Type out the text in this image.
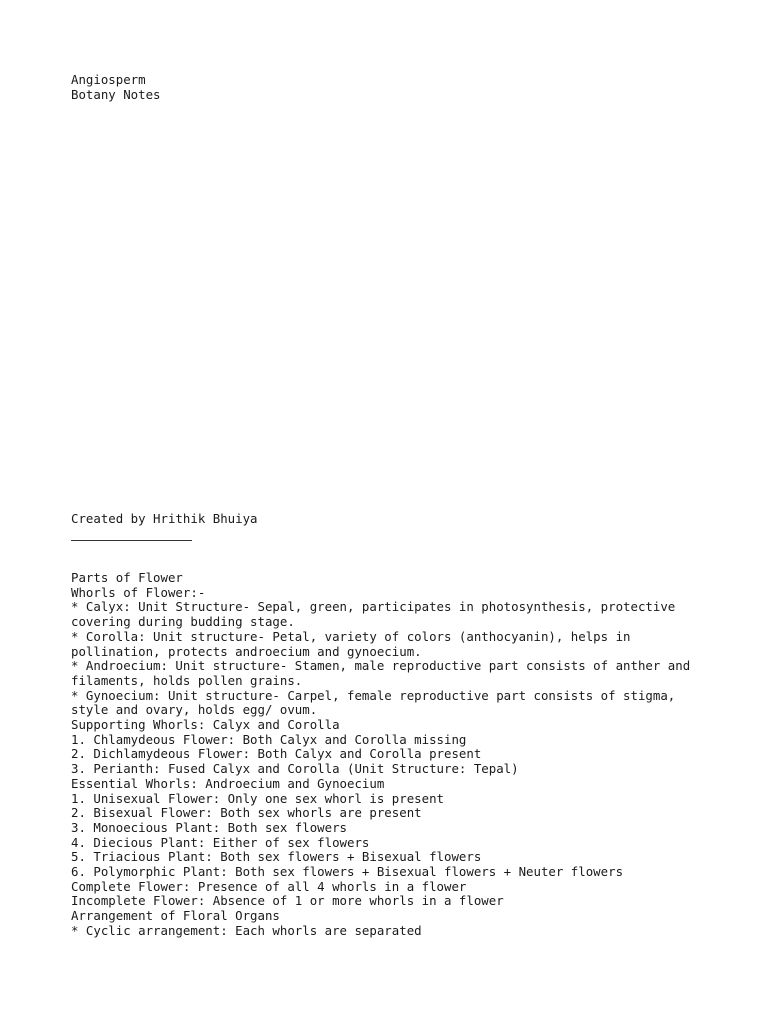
Angiosperm
Botany Notes
Created by Hrithik Bhuiya
Parts of Flower
Whorls of Flower:-
* Calyx: Unit Structure- Sepal, green, participates in photosynthesis, protective
covering during budding stage.
* Corolla: Unit structure- Petal, variety of colors (anthocyanin), helps in
pollination, protects androecium and gynoecium.
* Androecium: Unit structure- Stamen, male reproductive part consists of anther and
filaments, holds pollen grains.
* Gynoecium: Unit structure- Carpel, female reproductive part consists of stigma,
style and ovary, holds egg/ ovum.
Supporting Whorls: Calyx and Corolla
1. Chlamydeous Flower: Both Calyx and Corolla missing
2. Dichlamydeous Flower: Both Calyx and Corolla present
3. Perianth: Fused Calyx and Corolla (Unit Structure: Tepal)
Essential Whorls: Androecium and Gynoecium
1. Unisexual Flower: Only one sex whorl is present
2. Bisexual Flower: Both sex whorls are present
3. Monoecious Plant: Both sex flowers
4. Diecious Plant: Either of sex flowers
5. Triacious Plant: Both sex flowers + Bisexual flowers
6. Polymorphic Plant: Both sex flowers + Bisexual flowers + Neuter flowers
Complete Flower: Presence of all 4 whorls in a flower
Incomplete Flower: Absence of 1 or more whorls in a flower
Arrangement of Floral Organs
* Cyclic arrangement: Each whorls are separated
